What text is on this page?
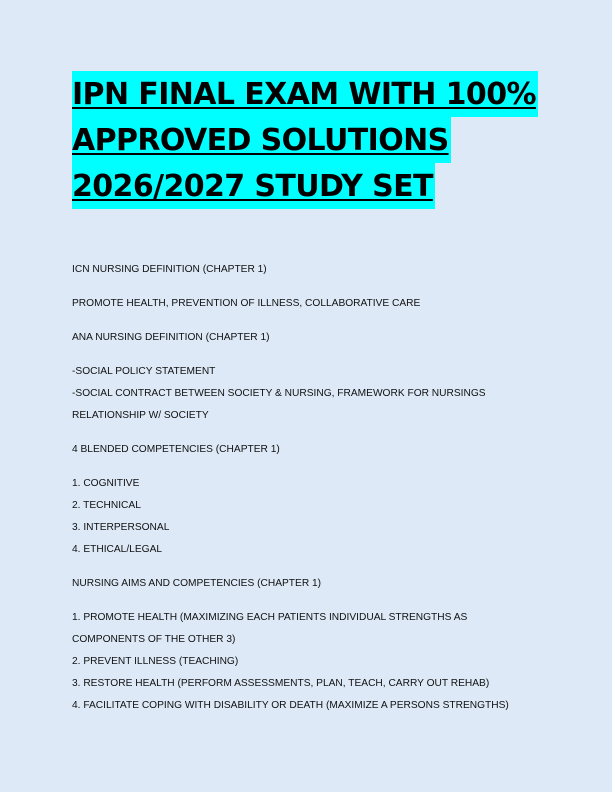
IPN FINAL EXAM WITH 100%
APPROVED SOLUTIONS
2026/2027 STUDY SET
ICN NURSING DEFINITION (CHAPTER 1)
PROMOTE HEALTH, PREVENTION OF ILLNESS, COLLABORATIVE CARE
ANA NURSING DEFINITION (CHAPTER 1)
-SOCIAL POLICY STATEMENT
-SOCIAL CONTRACT BETWEEN SOCIETY & NURSING, FRAMEWORK FOR NURSINGS
RELATIONSHIP W/ SOCIETY
4 BLENDED COMPETENCIES (CHAPTER 1)
1. COGNITIVE
2. TECHNICAL
3. INTERPERSONAL
4. ETHICAL/LEGAL
NURSING AIMS AND COMPETENCIES (CHAPTER 1)
1. PROMOTE HEALTH (MAXIMIZING EACH PATIENTS INDIVIDUAL STRENGTHS AS
COMPONENTS OF THE OTHER 3)
2. PREVENT ILLNESS (TEACHING)
3. RESTORE HEALTH (PERFORM ASSESSMENTS, PLAN, TEACH, CARRY OUT REHAB)
4. FACILITATE COPING WITH DISABILITY OR DEATH (MAXIMIZE A PERSONS STRENGTHS)
